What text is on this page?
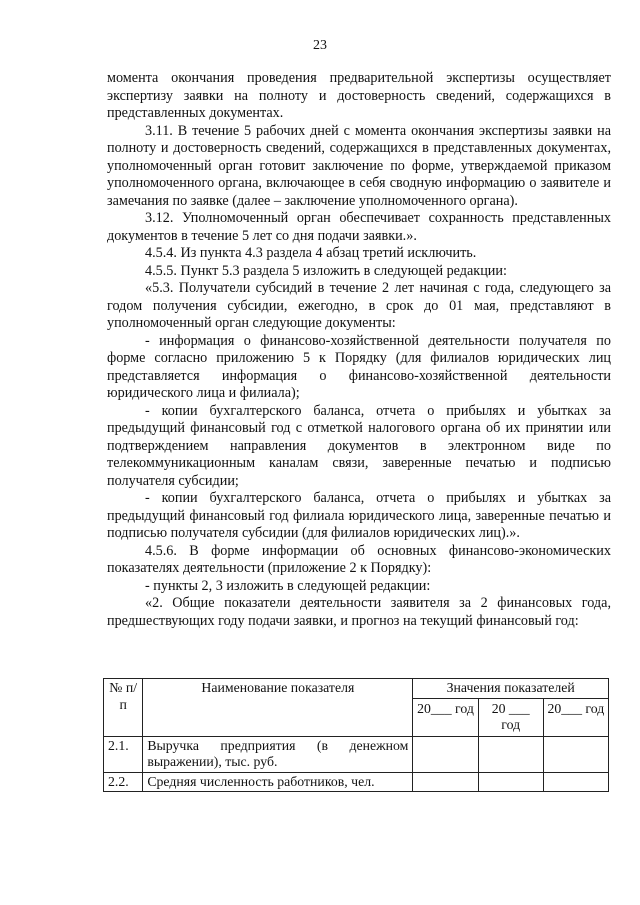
23

момента окончания проведения предварительной экспертизы осуществляет экспертизу заявки на полноту и достоверность сведений, содержащихся в представленных документах.

3.11. В течение 5 рабочих дней с момента окончания экспертизы заявки на полноту и достоверность сведений, содержащихся в представленных документах, уполномоченный орган готовит заключение по форме, утверждаемой приказом уполномоченного органа, включающее в себя сводную информацию о заявителе и замечания по заявке (далее – заключение уполномоченного органа).

3.12. Уполномоченный орган обеспечивает сохранность представленных документов в течение 5 лет со дня подачи заявки.».

4.5.4. Из пункта 4.3 раздела 4 абзац третий исключить.

4.5.5. Пункт 5.3 раздела 5 изложить в следующей редакции:

«5.3. Получатели субсидий в течение 2 лет начиная с года, следующего за годом получения субсидии, ежегодно, в срок до 01 мая, представляют в уполномоченный орган следующие документы:

- информация о финансово-хозяйственной деятельности получателя по форме согласно приложению 5 к Порядку (для филиалов юридических лиц представляется информация о финансово-хозяйственной деятельности юридического лица и филиала);

- копии бухгалтерского баланса, отчета о прибылях и убытках за предыдущий финансовый год с отметкой налогового органа об их принятии или подтверждением направления документов в электронном виде по телекоммуникационным каналам связи, заверенные печатью и подписью получателя субсидии;

- копии бухгалтерского баланса, отчета о прибылях и убытках за предыдущий финансовый год филиала юридического лица, заверенные печатью и подписью получателя субсидии (для филиалов юридических лиц).».

4.5.6. В форме информации об основных финансово-экономических показателях деятельности (приложение 2 к Порядку):

- пункты 2, 3 изложить в следующей редакции:

«2. Общие показатели деятельности заявителя за 2 финансовых года, предшествующих году подачи заявки, и прогноз на текущий финансовый год:

№ п/п	Наименование показателя	Значения показателей		
		20___ год	20 ___ год	20___ год
2.1.	Выручка предприятия (в денежном выражении), тыс. руб.			
2.2.	Средняя численность работников, чел.			
